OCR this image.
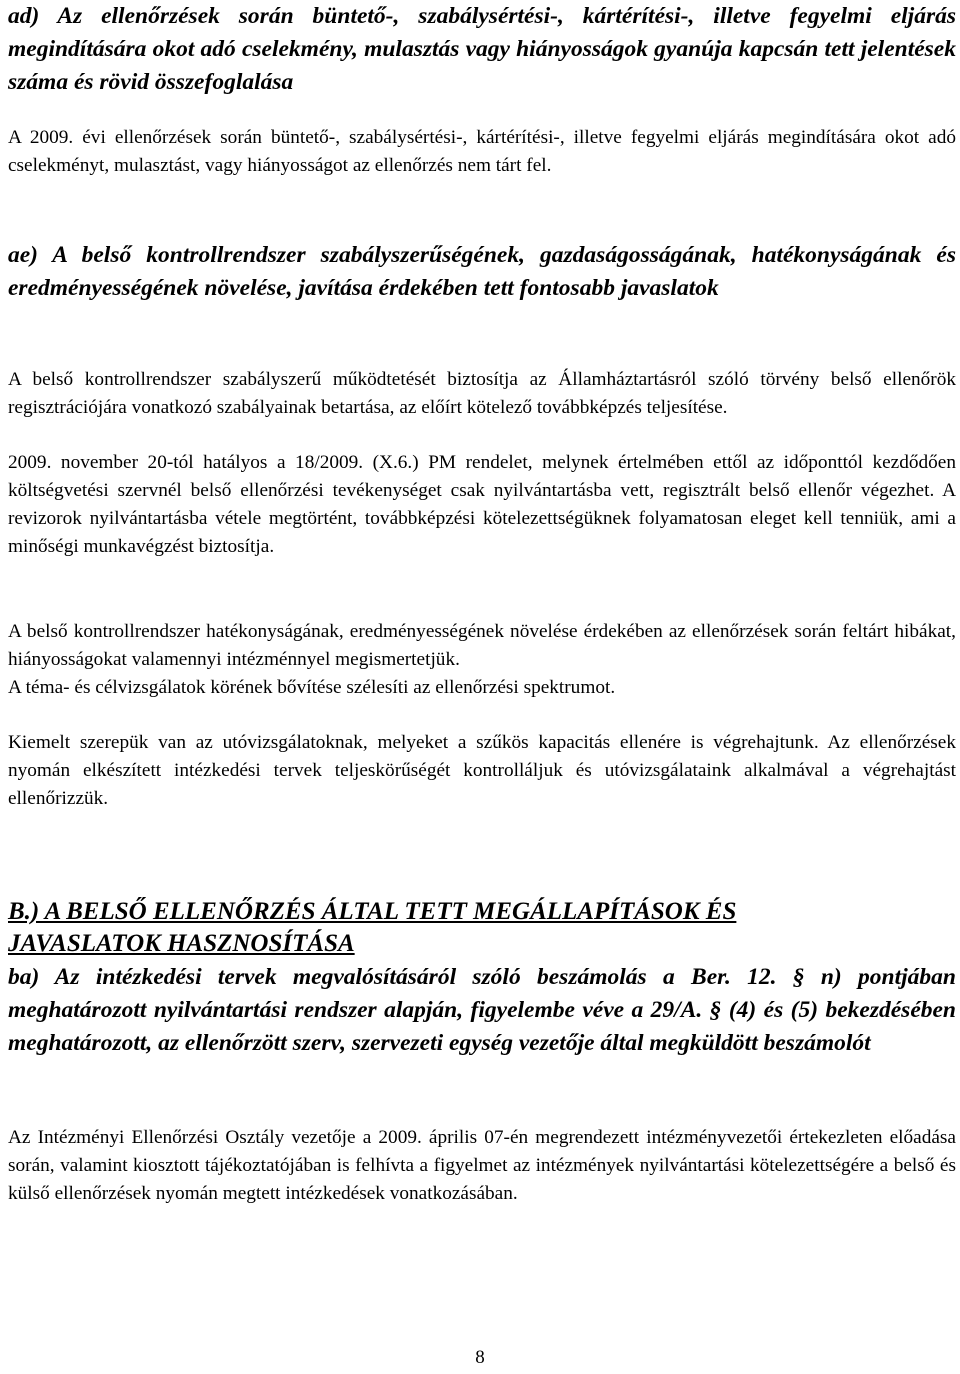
ad) Az ellenőrzések során büntető-, szabálysértési-, kártérítési-, illetve fegyelmi eljárás megindítására okot adó cselekmény, mulasztás vagy hiányosságok gyanúja kapcsán tett jelentések száma és rövid összefoglalása

A 2009. évi ellenőrzések során büntető-, szabálysértési-, kártérítési-, illetve fegyelmi eljárás megindítására okot adó cselekményt, mulasztást, vagy hiányosságot az ellenőrzés nem tárt fel.

ae) A belső kontrollrendszer szabályszerűségének, gazdaságosságának, hatékonyságának és eredményességének növelése, javítása érdekében tett fontosabb javaslatok

A belső kontrollrendszer szabályszerű működtetését biztosítja az Államháztartásról szóló törvény belső ellenőrök regisztrációjára vonatkozó szabályainak betartása, az előírt kötelező továbbképzés teljesítése.

2009. november 20-tól hatályos a 18/2009. (X.6.) PM rendelet, melynek értelmében ettől az időponttól kezdődően költségvetési szervnél belső ellenőrzési tevékenységet csak nyilvántartásba vett, regisztrált belső ellenőr végezhet. A revizorok nyilvántartásba vétele megtörtént, továbbképzési kötelezettségüknek folyamatosan eleget kell tenniük, ami a minőségi munkavégzést biztosítja.

A belső kontrollrendszer hatékonyságának, eredményességének növelése érdekében az ellenőrzések során feltárt hibákat, hiányosságokat valamennyi intézménnyel megismertetjük.

A téma- és célvizsgálatok körének bővítése szélesíti az ellenőrzési spektrumot.

Kiemelt szerepük van az utóvizsgálatoknak, melyeket a szűkös kapacitás ellenére is végrehajtunk. Az ellenőrzések nyomán elkészített intézkedési tervek teljeskörűségét kontrolláljuk és utóvizsgálataink alkalmával a végrehajtást ellenőrizzük.

B.) A BELSŐ ELLENŐRZÉS ÁLTAL TETT MEGÁLLAPÍTÁSOK ÉS

JAVASLATOK HASZNOSÍTÁSA

ba) Az intézkedési tervek megvalósításáról szóló beszámolás a Ber. 12. § n) pontjában meghatározott nyilvántartási rendszer alapján, figyelembe véve a 29/A. § (4) és (5) bekezdésében meghatározott, az ellenőrzött szerv, szervezeti egység vezetője által megküldött beszámolót

Az Intézményi Ellenőrzési Osztály vezetője a 2009. április 07-én megrendezett intézményvezetői értekezleten előadása során, valamint kiosztott tájékoztatójában is felhívta a figyelmet az intézmények nyilvántartási kötelezettségére a belső és külső ellenőrzések nyomán megtett intézkedések vonatkozásában.

8
